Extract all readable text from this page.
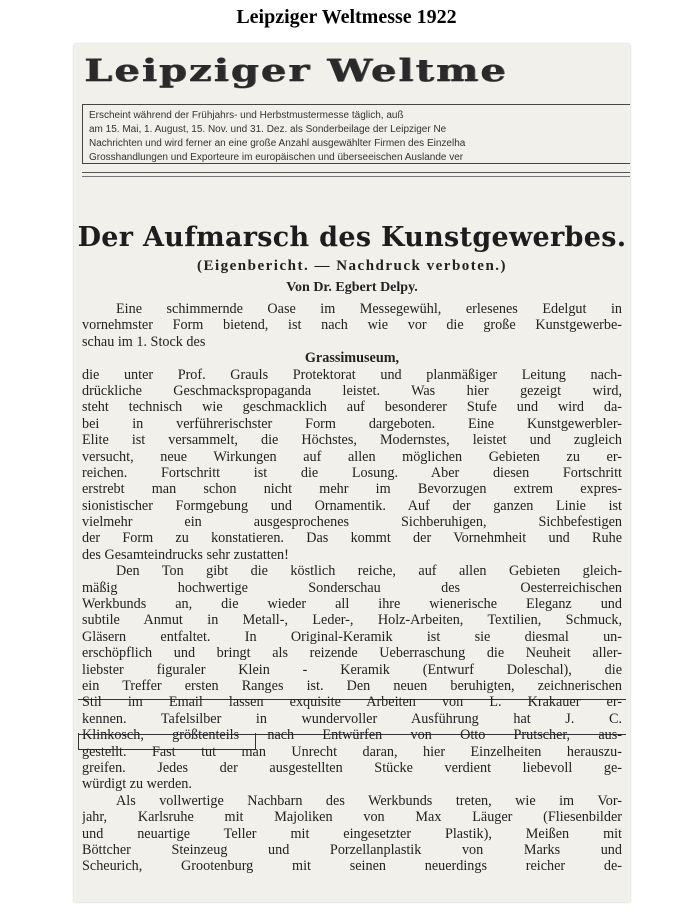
Leipziger Weltmesse 1922
Leipziger Weltme
Erscheint während der Frühjahrs- und Herbstmustermesse täglich, auß
am 15. Mai, 1. August, 15. Nov. und 31. Dez. als Sonderbeilage der Leipziger Ne
Nachrichten und wird ferner an eine große Anzahl ausgewählter Firmen des Einzelha
Grosshandlungen und Exporteure im europäischen und überseeischen Auslande ver
Der Aufmarsch des Kunstgewerbes.
(Eigenbericht. — Nachdruck verboten.)
Von Dr. Egbert Delpy.
Eine schimmernde Oase im Messegewühl, erlesenes Edelgut in
vornehmster Form bietend, ist nach wie vor die große Kunstgewerbe-
schau im 1. Stock des
Grassimuseum,
die unter Prof. Grauls Protektorat und planmäßiger Leitung nach-
drückliche Geschmackspropaganda leistet. Was hier gezeigt wird,
steht technisch wie geschmacklich auf besonderer Stufe und wird da-
bei in verführerischster Form dargeboten. Eine Kunstgewerbler-
Elite ist versammelt, die Höchstes, Modernstes, leistet und zugleich
versucht, neue Wirkungen auf allen möglichen Gebieten zu er-
reichen. Fortschritt ist die Losung. Aber diesen Fortschritt
erstrebt man schon nicht mehr im Bevorzugen extrem expres-
sionistischer Formgebung und Ornamentik. Auf der ganzen Linie ist
vielmehr ein ausgesprochenes Sichberuhigen, Sichbefestigen
der Form zu konstatieren. Das kommt der Vornehmheit und Ruhe
des Gesamteindrucks sehr zustatten!
Den Ton gibt die köstlich reiche, auf allen Gebieten gleich-
mäßig hochwertige Sonderschau des Oesterreichischen
Werkbunds an, die wieder all ihre wienerische Eleganz und
subtile Anmut in Metall-, Leder-, Holz-Arbeiten, Textilien, Schmuck,
Gläsern entfaltet. In Original-Keramik ist sie diesmal un-
erschöpflich und bringt als reizende Ueberraschung die Neuheit aller-
liebster figuraler Klein - Keramik (Entwurf Doleschal), die
ein Treffer ersten Ranges ist. Den neuen beruhigten, zeichnerischen
Stil im Email lassen exquisite Arbeiten von L. Krakauer er-
kennen. Tafelsilber in wundervoller Ausführung hat J. C.
Klinkosch, größtenteils nach Entwürfen von Otto Prutscher, aus-
gestellt. Fast tut man Unrecht daran, hier Einzelheiten herauszu-
greifen. Jedes der ausgestellten Stücke verdient liebevoll ge-
würdigt zu werden.
Als vollwertige Nachbarn des Werkbunds treten, wie im Vor-
jahr, Karlsruhe mit Majoliken von Max Läuger (Fliesenbilder
und neuartige Teller mit eingesetzter Plastik), Meißen mit
Böttcher Steinzeug und Porzellanplastik von Marks und
Scheurich, Grootenburg mit seinen neuerdings reicher de-
